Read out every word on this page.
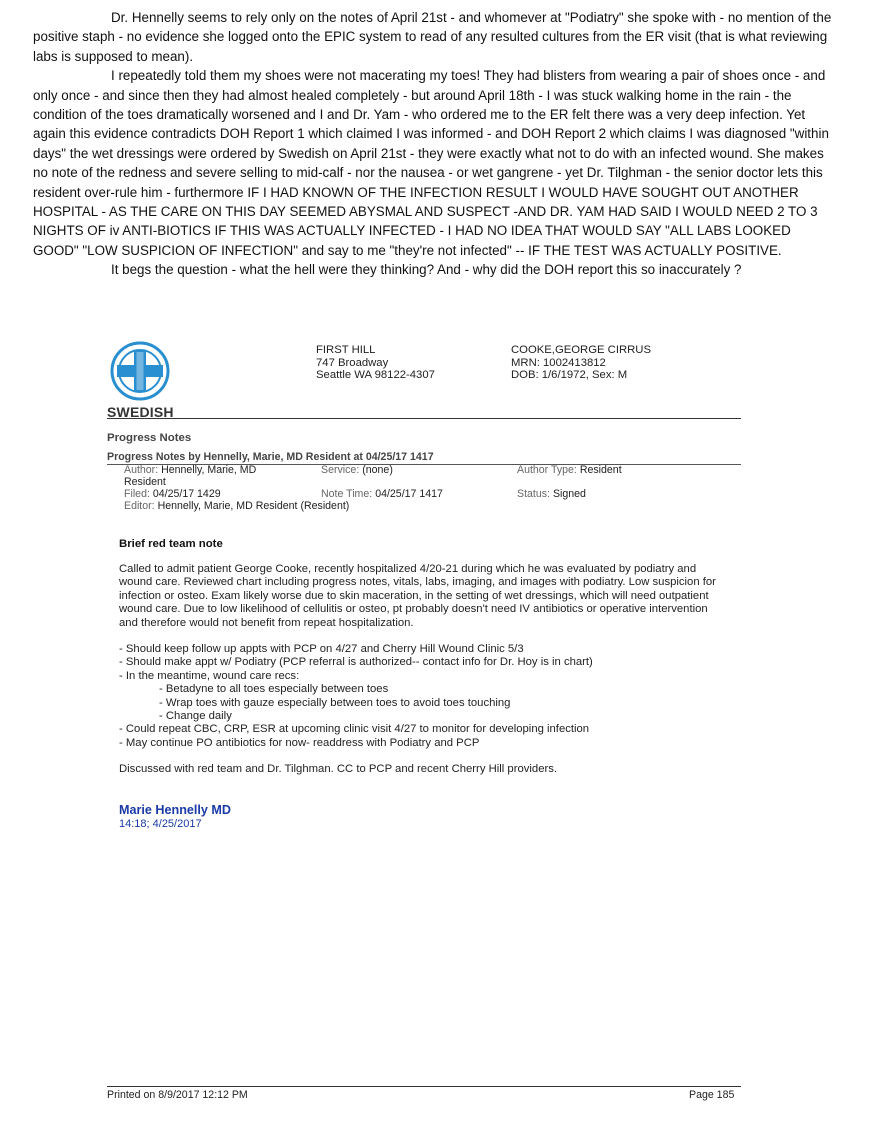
Dr. Hennelly seems to rely only on the notes of April 21st - and whomever at "Podiatry" she spoke with - no mention of the positive staph - no evidence she logged onto the EPIC system to read of any resulted cultures from the ER visit (that is what reviewing labs is supposed to mean).

I repeatedly told them my shoes were not macerating my toes! They had blisters from wearing a pair of shoes once - and only once - and since then they had almost healed completely - but around April 18th - I was stuck walking home in the rain - the condition of the toes dramatically worsened and I and Dr. Yam - who ordered me to the ER felt there was a very deep infection. Yet again this evidence contradicts DOH Report 1 which claimed I was informed - and DOH Report 2 which claims I was diagnosed "within days" the wet dressings were ordered by Swedish on April 21st - they were exactly what not to do with an infected wound. She makes no note of the redness and severe selling to mid-calf - nor the nausea - or wet gangrene - yet Dr. Tilghman - the senior doctor lets this resident over-rule him - furthermore IF I HAD KNOWN OF THE INFECTION RESULT I WOULD HAVE SOUGHT OUT ANOTHER HOSPITAL - AS THE CARE ON THIS DAY SEEMED ABYSMAL AND SUSPECT -AND DR. YAM HAD SAID I WOULD NEED 2 TO 3 NIGHTS OF iv ANTI-BIOTICS IF THIS WAS ACTUALLY INFECTED - I HAD NO IDEA THAT WOULD SAY "ALL LABS LOOKED GOOD" "LOW SUSPICION OF INFECTION" and say to me "they're not infected" -- IF THE TEST WAS ACTUALLY POSITIVE.

It begs the question - what the hell were they thinking? And - why did the DOH report this so inaccurately ?

SWEDISH
FIRST HILL
747 Broadway
Seattle WA 98122-4307
COOKE,GEORGE CIRRUS
MRN: 1002413812
DOB: 1/6/1972, Sex: M
Progress Notes
Progress Notes by Hennelly, Marie, MD Resident at 04/25/17 1417
Author: Hennelly, Marie, MD
Resident
Service: (none)	Author Type: Resident
Filed: 04/25/17 1429	Note Time: 04/25/17 1417	Status: Signed
Editor: Hennelly, Marie, MD Resident (Resident)
Brief red team note

Called to admit patient George Cooke, recently hospitalized 4/20-21 during which he was evaluated by podiatry and wound care. Reviewed chart including progress notes, vitals, labs, imaging, and images with podiatry. Low suspicion for infection or osteo. Exam likely worse due to skin maceration, in the setting of wet dressings, which will need outpatient wound care. Due to low likelihood of cellulitis or osteo, pt probably doesn't need IV antibiotics or operative intervention and therefore would not benefit from repeat hospitalization.

- Should keep follow up appts with PCP on 4/27 and Cherry Hill Wound Clinic 5/3
- Should make appt w/ Podiatry (PCP referral is authorized-- contact info for Dr. Hoy is in chart)
- In the meantime, wound care recs:
- Betadyne to all toes especially between toes
- Wrap toes with gauze especially between toes to avoid toes touching
- Change daily
- Could repeat CBC, CRP, ESR at upcoming clinic visit 4/27 to monitor for developing infection
- May continue PO antibiotics for now- readdress with Podiatry and PCP

Discussed with red team and Dr. Tilghman. CC to PCP and recent Cherry Hill providers.

Marie Hennelly MD
14:18; 4/25/2017
Printed on 8/9/2017 12:12 PM	Page 185
